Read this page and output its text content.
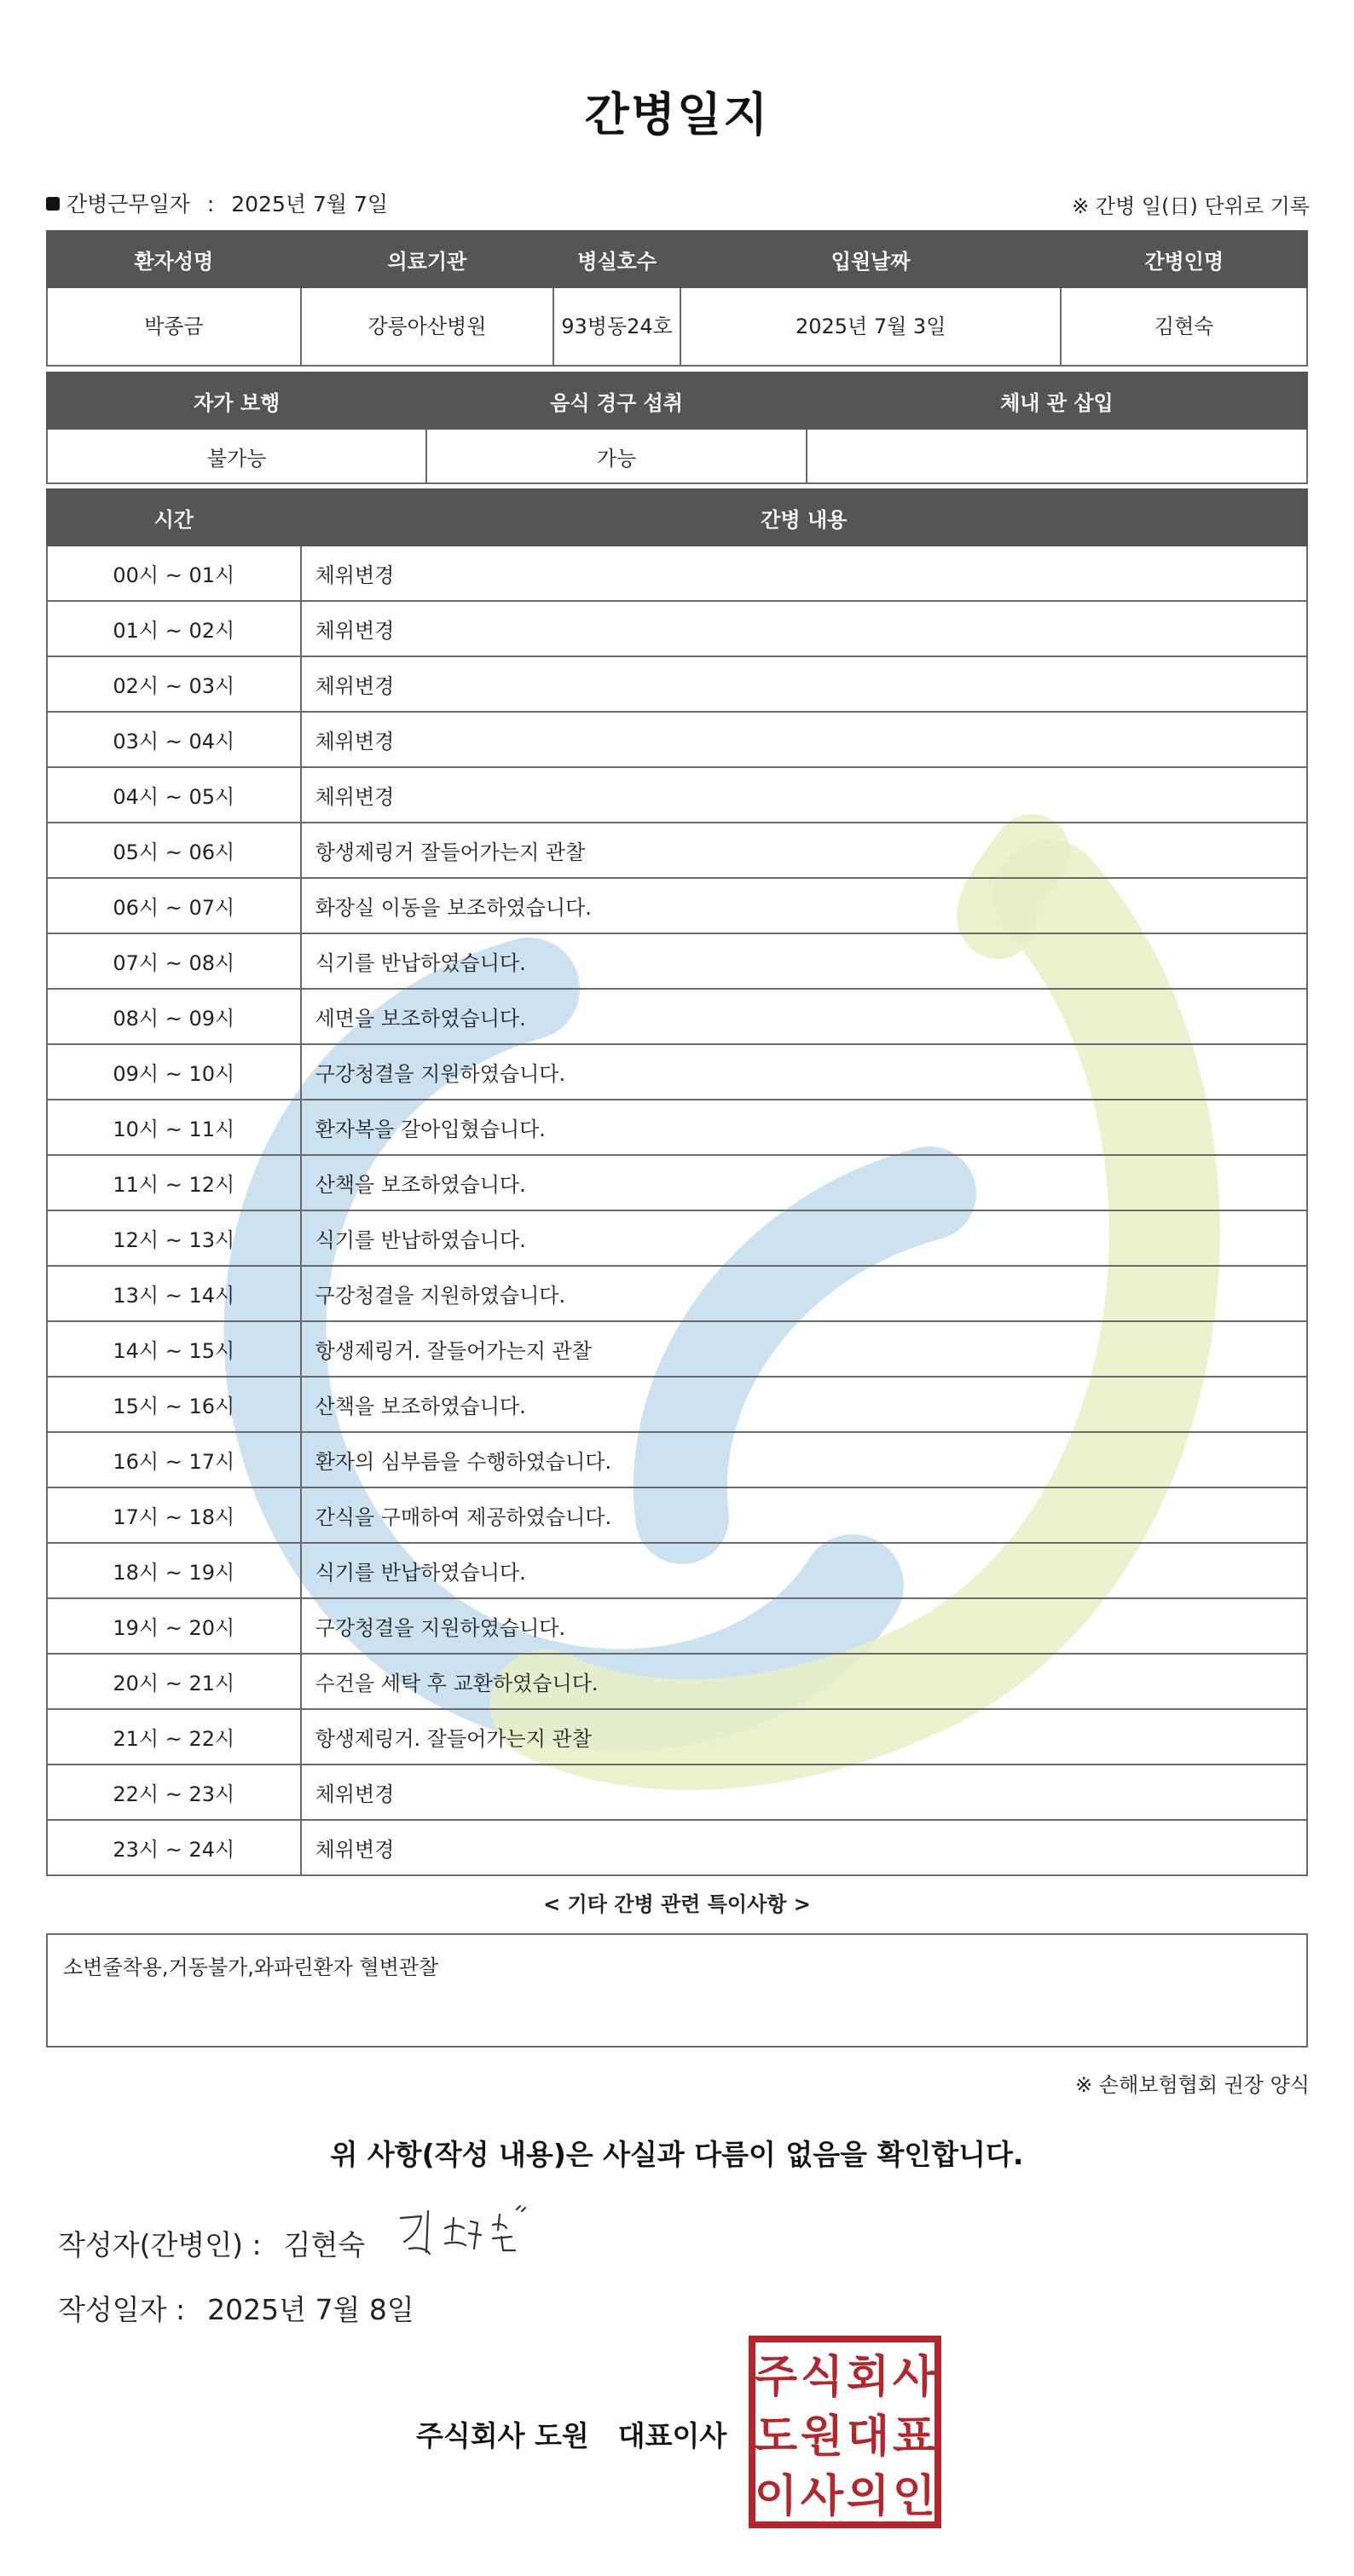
간병일지
간병근무일자 : 2025년 7월 7일	※ 간병 일(日) 단위로 기록
환자성명	의료기관	병실호수	입원날짜	간병인명
박종금	강릉아산병원	93병동24호	2025년 7월 3일	김현숙
자가 보행	음식 경구 섭취	체내 관 삽입
불가능	가능	
시간	간병 내용
00시 ~ 01시	체위변경
01시 ~ 02시	체위변경
02시 ~ 03시	체위변경
03시 ~ 04시	체위변경
04시 ~ 05시	체위변경
05시 ~ 06시	항생제링거 잘들어가는지 관찰
06시 ~ 07시	화장실 이동을 보조하였습니다.
07시 ~ 08시	식기를 반납하였습니다.
08시 ~ 09시	세면을 보조하였습니다.
09시 ~ 10시	구강청결을 지원하였습니다.
10시 ~ 11시	환자복을 갈아입혔습니다.
11시 ~ 12시	산책을 보조하였습니다.
12시 ~ 13시	식기를 반납하였습니다.
13시 ~ 14시	구강청결을 지원하였습니다.
14시 ~ 15시	항생제링거. 잘들어가는지 관찰
15시 ~ 16시	산책을 보조하였습니다.
16시 ~ 17시	환자의 심부름을 수행하였습니다.
17시 ~ 18시	간식을 구매하여 제공하였습니다.
18시 ~ 19시	식기를 반납하였습니다.
19시 ~ 20시	구강청결을 지원하였습니다.
20시 ~ 21시	수건을 세탁 후 교환하였습니다.
21시 ~ 22시	항생제링거. 잘들어가는지 관찰
22시 ~ 23시	체위변경
23시 ~ 24시	체위변경
< 기타 간병 관련 특이사항 >
소변줄착용,거동불가,와파린환자 혈변관찰
※ 손해보험협회 권장 양식
위 사항(작성 내용)은 사실과 다름이 없음을 확인합니다.
작성자(간병인) : 김현숙
작성일자 : 2025년 7월 8일
주식회사 도원 대표이사
주 식 회 사
도 원 대 표
이 사 의 인
